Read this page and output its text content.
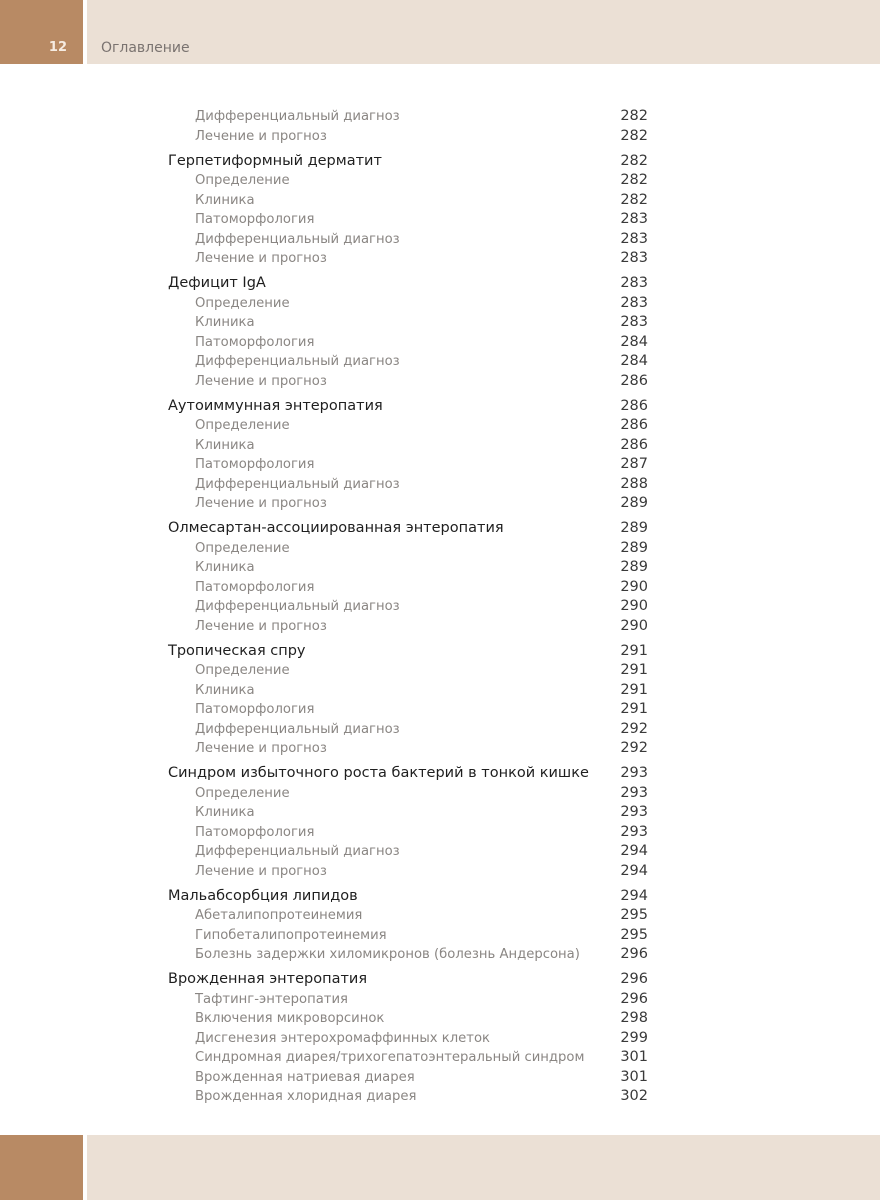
12 Оглавление
Дифференциальный диагноз	282
Лечение и прогноз	282
Герпетиформный дерматит	282
Определение	282
Клиника	282
Патоморфология	283
Дифференциальный диагноз	283
Лечение и прогноз	283
Дефицит IgA	283
Определение	283
Клиника	283
Патоморфология	284
Дифференциальный диагноз	284
Лечение и прогноз	286
Аутоиммунная энтеропатия	286
Определение	286
Клиника	286
Патоморфология	287
Дифференциальный диагноз	288
Лечение и прогноз	289
Олмесартан-ассоциированная энтеропатия	289
Определение	289
Клиника	289
Патоморфология	290
Дифференциальный диагноз	290
Лечение и прогноз	290
Тропическая спру	291
Определение	291
Клиника	291
Патоморфология	291
Дифференциальный диагноз	292
Лечение и прогноз	292
Синдром избыточного роста бактерий в тонкой кишке 293
Определение	293
Клиника	293
Патоморфология	293
Дифференциальный диагноз	294
Лечение и прогноз	294
Мальабсорбция липидов	294
Абеталипопротеинемия	295
Гипобеталипопротеинемия	295
Болезнь задержки хиломикронов (болезнь Андерсона)	296
Врожденная энтеропатия	296
Тафтинг-энтеропатия	296
Включения микроворсинок	298
Дисгенезия энтерохромаффинных клеток	299
Синдромная диарея/трихогепатоэнтеральный синдром 301
Врожденная натриевая диарея	301
Врожденная хлоридная диарея	302
